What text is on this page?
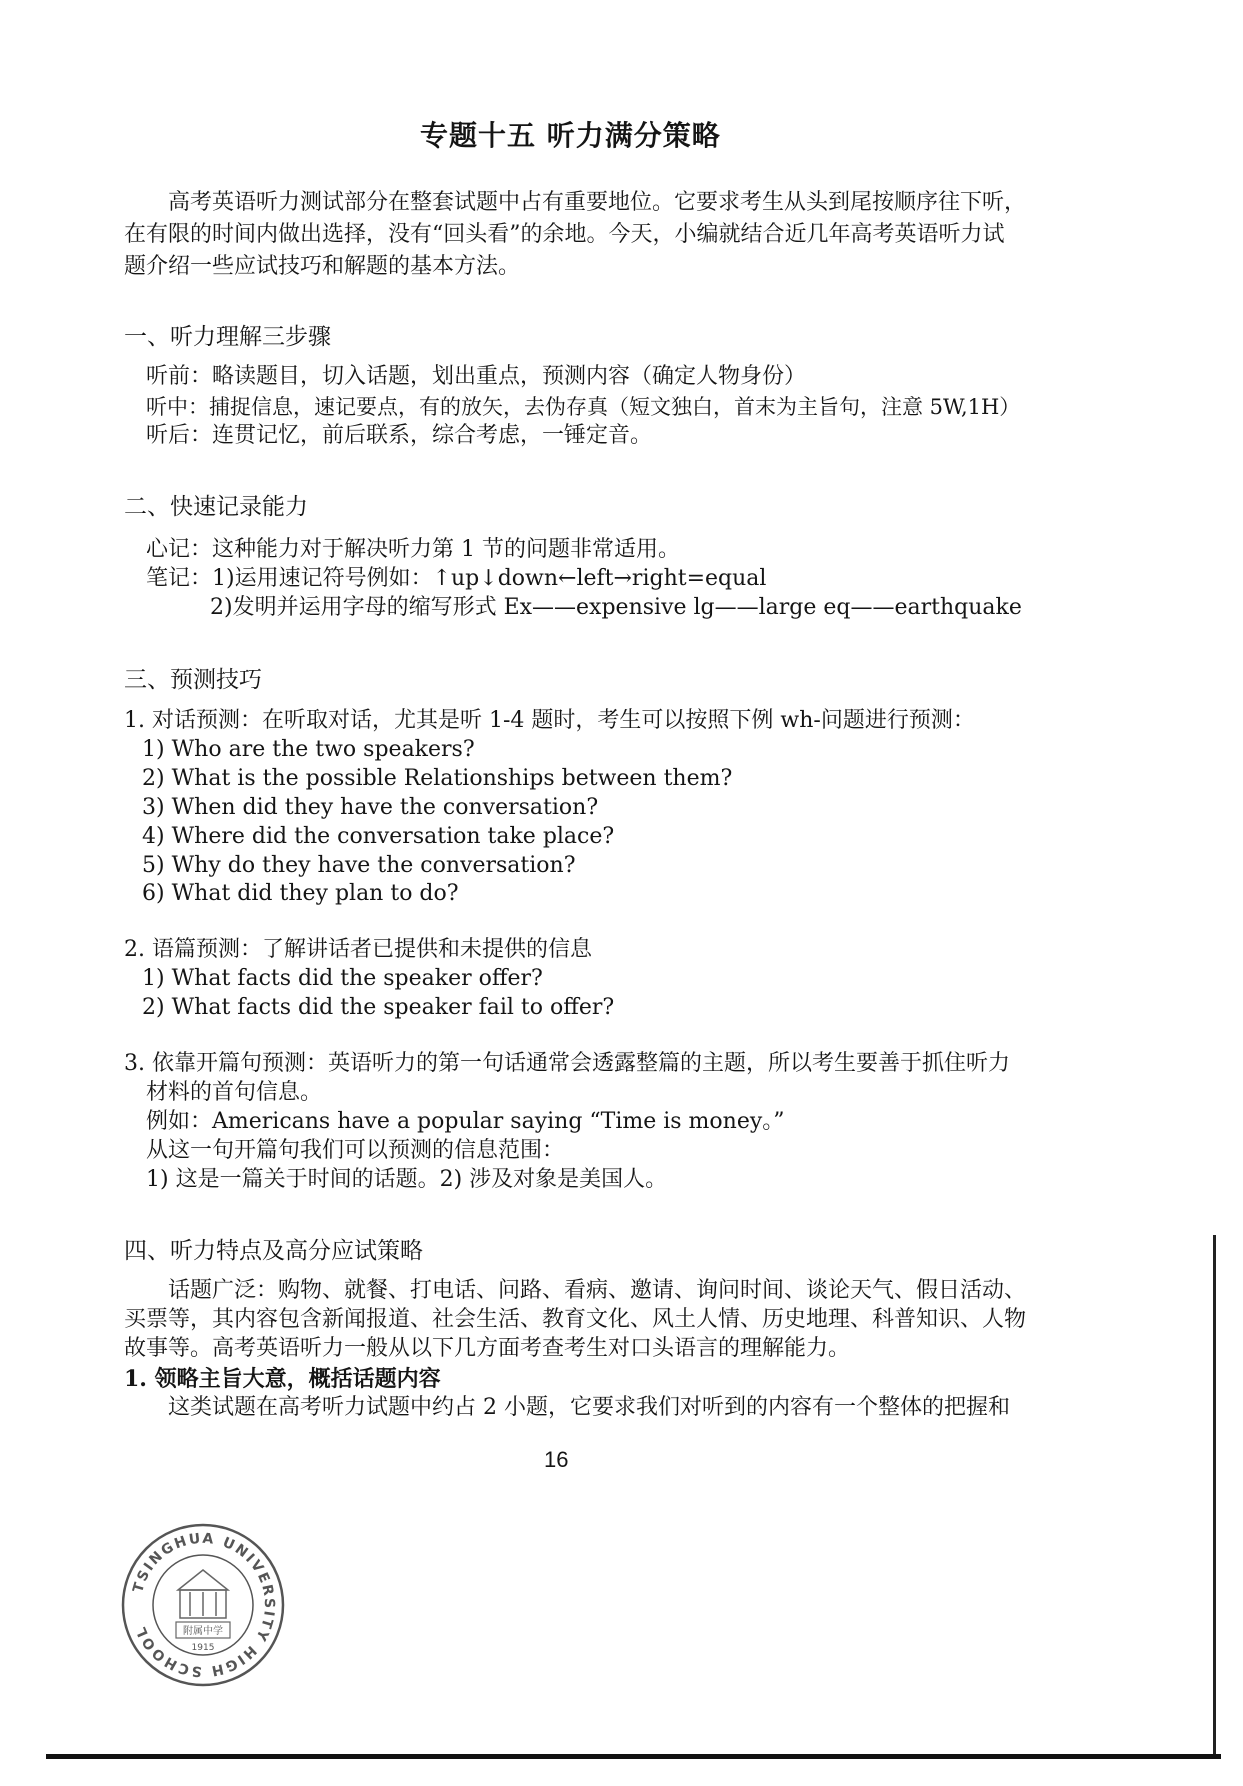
专题十五 听力满分策略
高考英语听力测试部分在整套试题中占有重要地位。它要求考生从头到尾按顺序往下听，
在有限的时间内做出选择，没有“回头看”的余地。今天，小编就结合近几年高考英语听力试
题介绍一些应试技巧和解题的基本方法。
一、听力理解三步骤
听前：略读题目，切入话题，划出重点，预测内容（确定人物身份）
听中：捕捉信息，速记要点，有的放矢，去伪存真（短文独白，首末为主旨句，注意 5W,1H）
听后：连贯记忆，前后联系，综合考虑，一锤定音。
二、快速记录能力
心记：这种能力对于解决听力第 1 节的问题非常适用。
笔记：1)运用速记符号例如：↑up↓down←left→right=equal
2)发明并运用字母的缩写形式 Ex——expensive lg——large eq——earthquake
三、预测技巧
1. 对话预测：在听取对话，尤其是听 1-4 题时，考生可以按照下例 wh-问题进行预测：
1) Who are the two speakers?
2) What is the possible Relationships between them?
3) When did they have the conversation?
4) Where did the conversation take place?
5) Why do they have the conversation?
6) What did they plan to do?
2. 语篇预测：了解讲话者已提供和未提供的信息
1) What facts did the speaker offer?
2) What facts did the speaker fail to offer?
3. 依靠开篇句预测：英语听力的第一句话通常会透露整篇的主题，所以考生要善于抓住听力
材料的首句信息。
例如：Americans have a popular saying “Time is money。”
从这一句开篇句我们可以预测的信息范围：
1) 这是一篇关于时间的话题。2) 涉及对象是美国人。
四、听力特点及高分应试策略
话题广泛：购物、就餐、打电话、问路、看病、邀请、询问时间、谈论天气、假日活动、
买票等，其内容包含新闻报道、社会生活、教育文化、风土人情、历史地理、科普知识、人物
故事等。高考英语听力一般从以下几方面考查考生对口头语言的理解能力。
1. 领略主旨大意，概括话题内容
这类试题在高考听力试题中约占 2 小题，它要求我们对听到的内容有一个整体的把握和
16
TSINGHUA UNIVERSITY HIGH SCHOOL	附属中学
1915
